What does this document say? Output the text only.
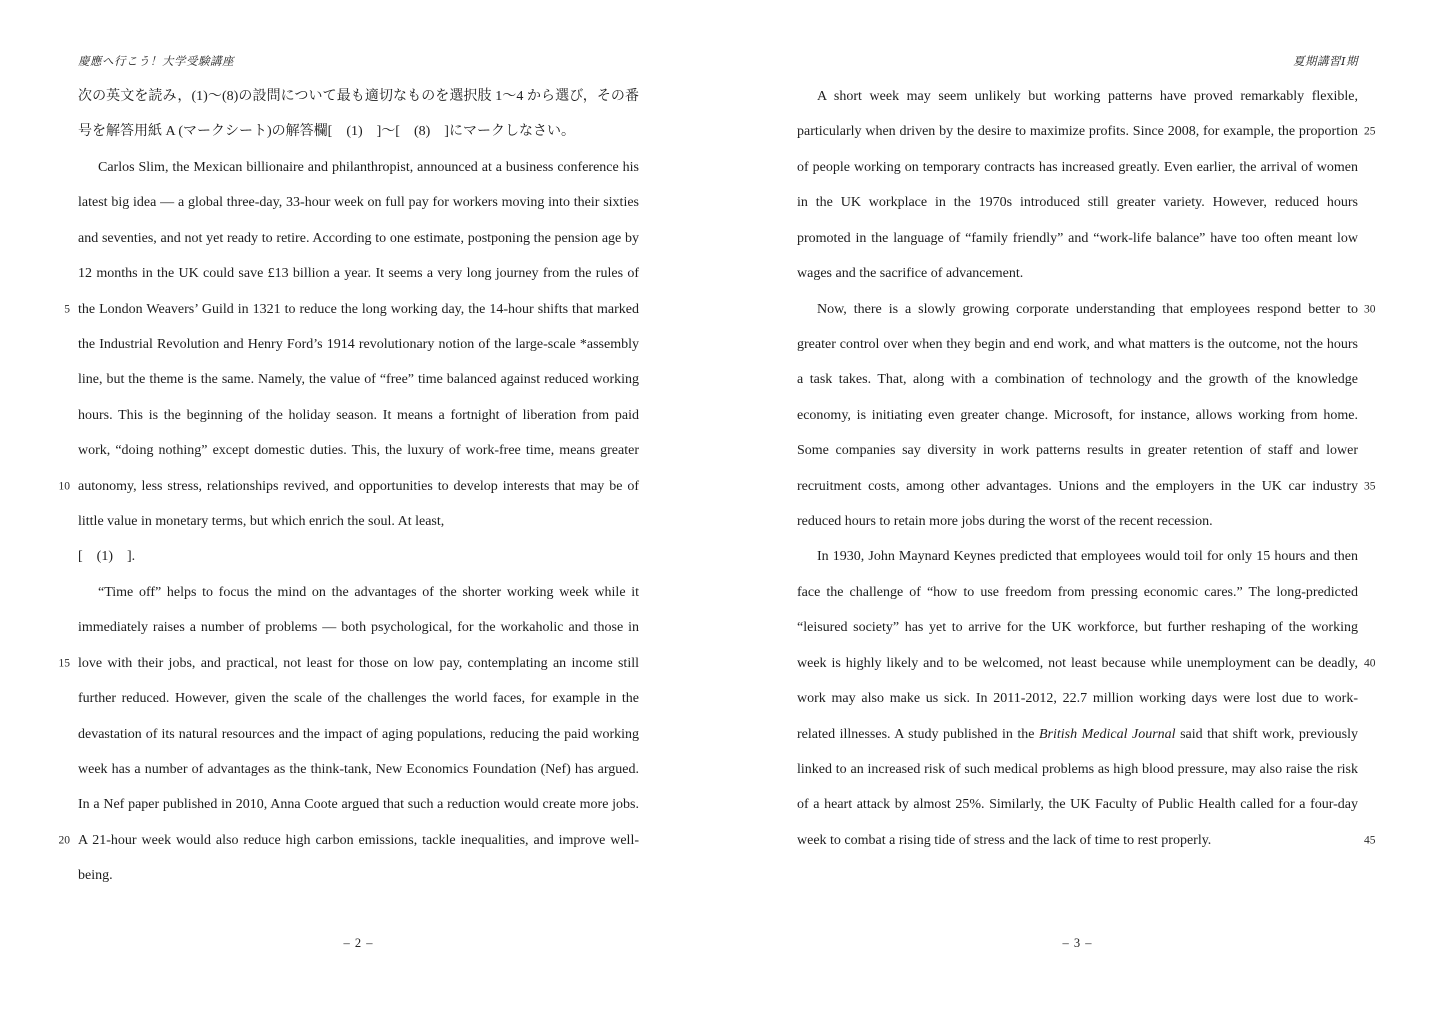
慶應へ行こう！大学受験講座

次の英文を読み，(1)～(8)の設問について最も適切なものを選択肢 1～4 から選び，その番号を解答用紙 A (マークシート)の解答欄[　(1)　]～[　(8)　]にマークしなさい。

Carlos Slim, the Mexican billionaire and philanthropist, announced at a business conference his latest big idea — a global three-day, 33-hour week on full pay for workers moving into their sixties and seventies, and not yet ready to retire. According to one estimate, postponing the pension age by 12 months in the UK could save £13 billion a year. It seems a very long journey from the rules of the London Weavers’ Guild in 1321 to reduce the long working day, the 14-hour shifts that marked the Industrial Revolution and Henry Ford’s 1914 revolutionary notion of the large-scale *assembly line, but the theme is the same. Namely, the value of “free” time balanced against reduced working hours. This is the beginning of the holiday season. It means a fortnight of liberation from paid work, “doing nothing” except domestic duties. This, the luxury of work-free time, means greater autonomy, less stress, relationships revived, and opportunities to develop interests that may be of little value in monetary terms, but which enrich the soul. At least,

[　(1)　].

“Time off” helps to focus the mind on the advantages of the shorter working week while it immediately raises a number of problems — both psychological, for the workaholic and those in love with their jobs, and practical, not least for those on low pay, contemplating an income still further reduced. However, given the scale of the challenges the world faces, for example in the devastation of its natural resources and the impact of aging populations, reducing the paid working week has a number of advantages as the think-tank, New Economics Foundation (Nef) has argued. In a Nef paper published in 2010, Anna Coote argued that such a reduction would create more jobs. A 21-hour week would also reduce high carbon emissions, tackle inequalities, and improve well-being.

– 2 –
夏期講習Ⅰ期

A short week may seem unlikely but working patterns have proved remarkably flexible, particularly when driven by the desire to maximize profits. Since 2008, for example, the proportion of people working on temporary contracts has increased greatly. Even earlier, the arrival of women in the UK workplace in the 1970s introduced still greater variety. However, reduced hours promoted in the language of “family friendly” and “work-life balance” have too often meant low wages and the sacrifice of advancement.

Now, there is a slowly growing corporate understanding that employees respond better to greater control over when they begin and end work, and what matters is the outcome, not the hours a task takes. That, along with a combination of technology and the growth of the knowledge economy, is initiating even greater change. Microsoft, for instance, allows working from home. Some companies say diversity in work patterns results in greater retention of staff and lower recruitment costs, among other advantages. Unions and the employers in the UK car industry reduced hours to retain more jobs during the worst of the recent recession.

In 1930, John Maynard Keynes predicted that employees would toil for only 15 hours and then face the challenge of “how to use freedom from pressing economic cares.” The long-predicted “leisured society” has yet to arrive for the UK workforce, but further reshaping of the working week is highly likely and to be welcomed, not least because while unemployment can be deadly, work may also make us sick. In 2011-2012, 22.7 million working days were lost due to work-related illnesses. A study published in the British Medical Journal said that shift work, previously linked to an increased risk of such medical problems as high blood pressure, may also raise the risk of a heart attack by almost 25%. Similarly, the UK Faculty of Public Health called for a four-day week to combat a rising tide of stress and the lack of time to rest properly.

– 3 –
5
10
15
20
25
30
35
40
45
